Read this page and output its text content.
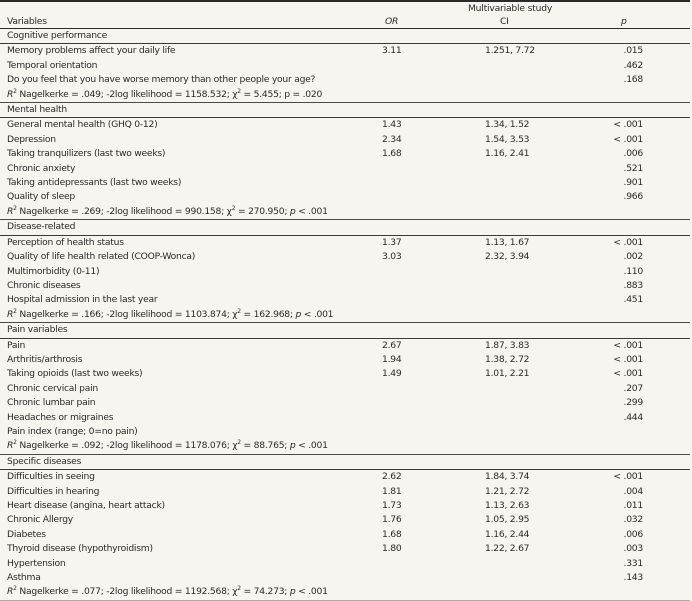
Multivariable study
Variables	OR	CI	p
Cognitive performance			
Memory problems affect your daily life	3.11	1.251, 7.72	.015
Temporal orientation			.462
Do you feel that you have worse memory than other people your age?			.168
$R^2$ Nagelkerke = .049; -2log likelihood = 1158.532; $\chi^2 = 5.455$; p = .020			
Mental health			
General mental health (GHQ 0-12)	1.43	1.34, 1.52	< .001
Depression	2.34	1.54, 3.53	< .001
Taking tranquilizers (last two weeks)	1.68	1.16, 2.41	.006
Chronic anxiety			.521
Taking antidepressants (last two weeks)			.901
Quality of sleep			.966
$R^2$ Nagelkerke = .269; -2log likelihood = 990.158; $\chi^2 = 270.950$; p < .001			
Disease-related			
Perception of health status	1.37	1.13, 1.67	< .001
Quality of life health related (COOP-Wonca)	3.03	2.32, 3.94	.002
Multimorbidity (0-11)			.110
Chronic diseases			.883
Hospital admission in the last year			.451
$R^2$ Nagelkerke = .166; -2log likelihood = 1103.874; $\chi^2 = 162.968$; p < .001			
Pain variables			
Pain	2.67	1.87, 3.83	< .001
Arthritis/arthrosis	1.94	1.38, 2.72	< .001
Taking opioids (last two weeks)	1.49	1.01, 2.21	< .001
Chronic cervical pain			.207
Chronic lumbar pain			.299
Headaches or migraines			.444
Pain index (range; 0=no pain)			
$R^2$ Nagelkerke = .092; -2log likelihood = 1178.076; $\chi^2 = 88.765$; p < .001			
Specific diseases			
Difficulties in seeing	2.62	1.84, 3.74	< .001
Difficulties in hearing	1.81	1.21, 2.72	.004
Heart disease (angina, heart attack)	1.73	1.13, 2.63	.011
Chronic Allergy	1.76	1.05, 2.95	.032
Diabetes	1.68	1.16, 2.44	.006
Thyroid disease (hypothyroidism)	1.80	1.22, 2.67	.003
Hypertension			.331
Asthma			.143
$R^2$ Nagelkerke = .077; -2log likelihood = 1192.568; $\chi^2 = 74.273$; p < .001			
